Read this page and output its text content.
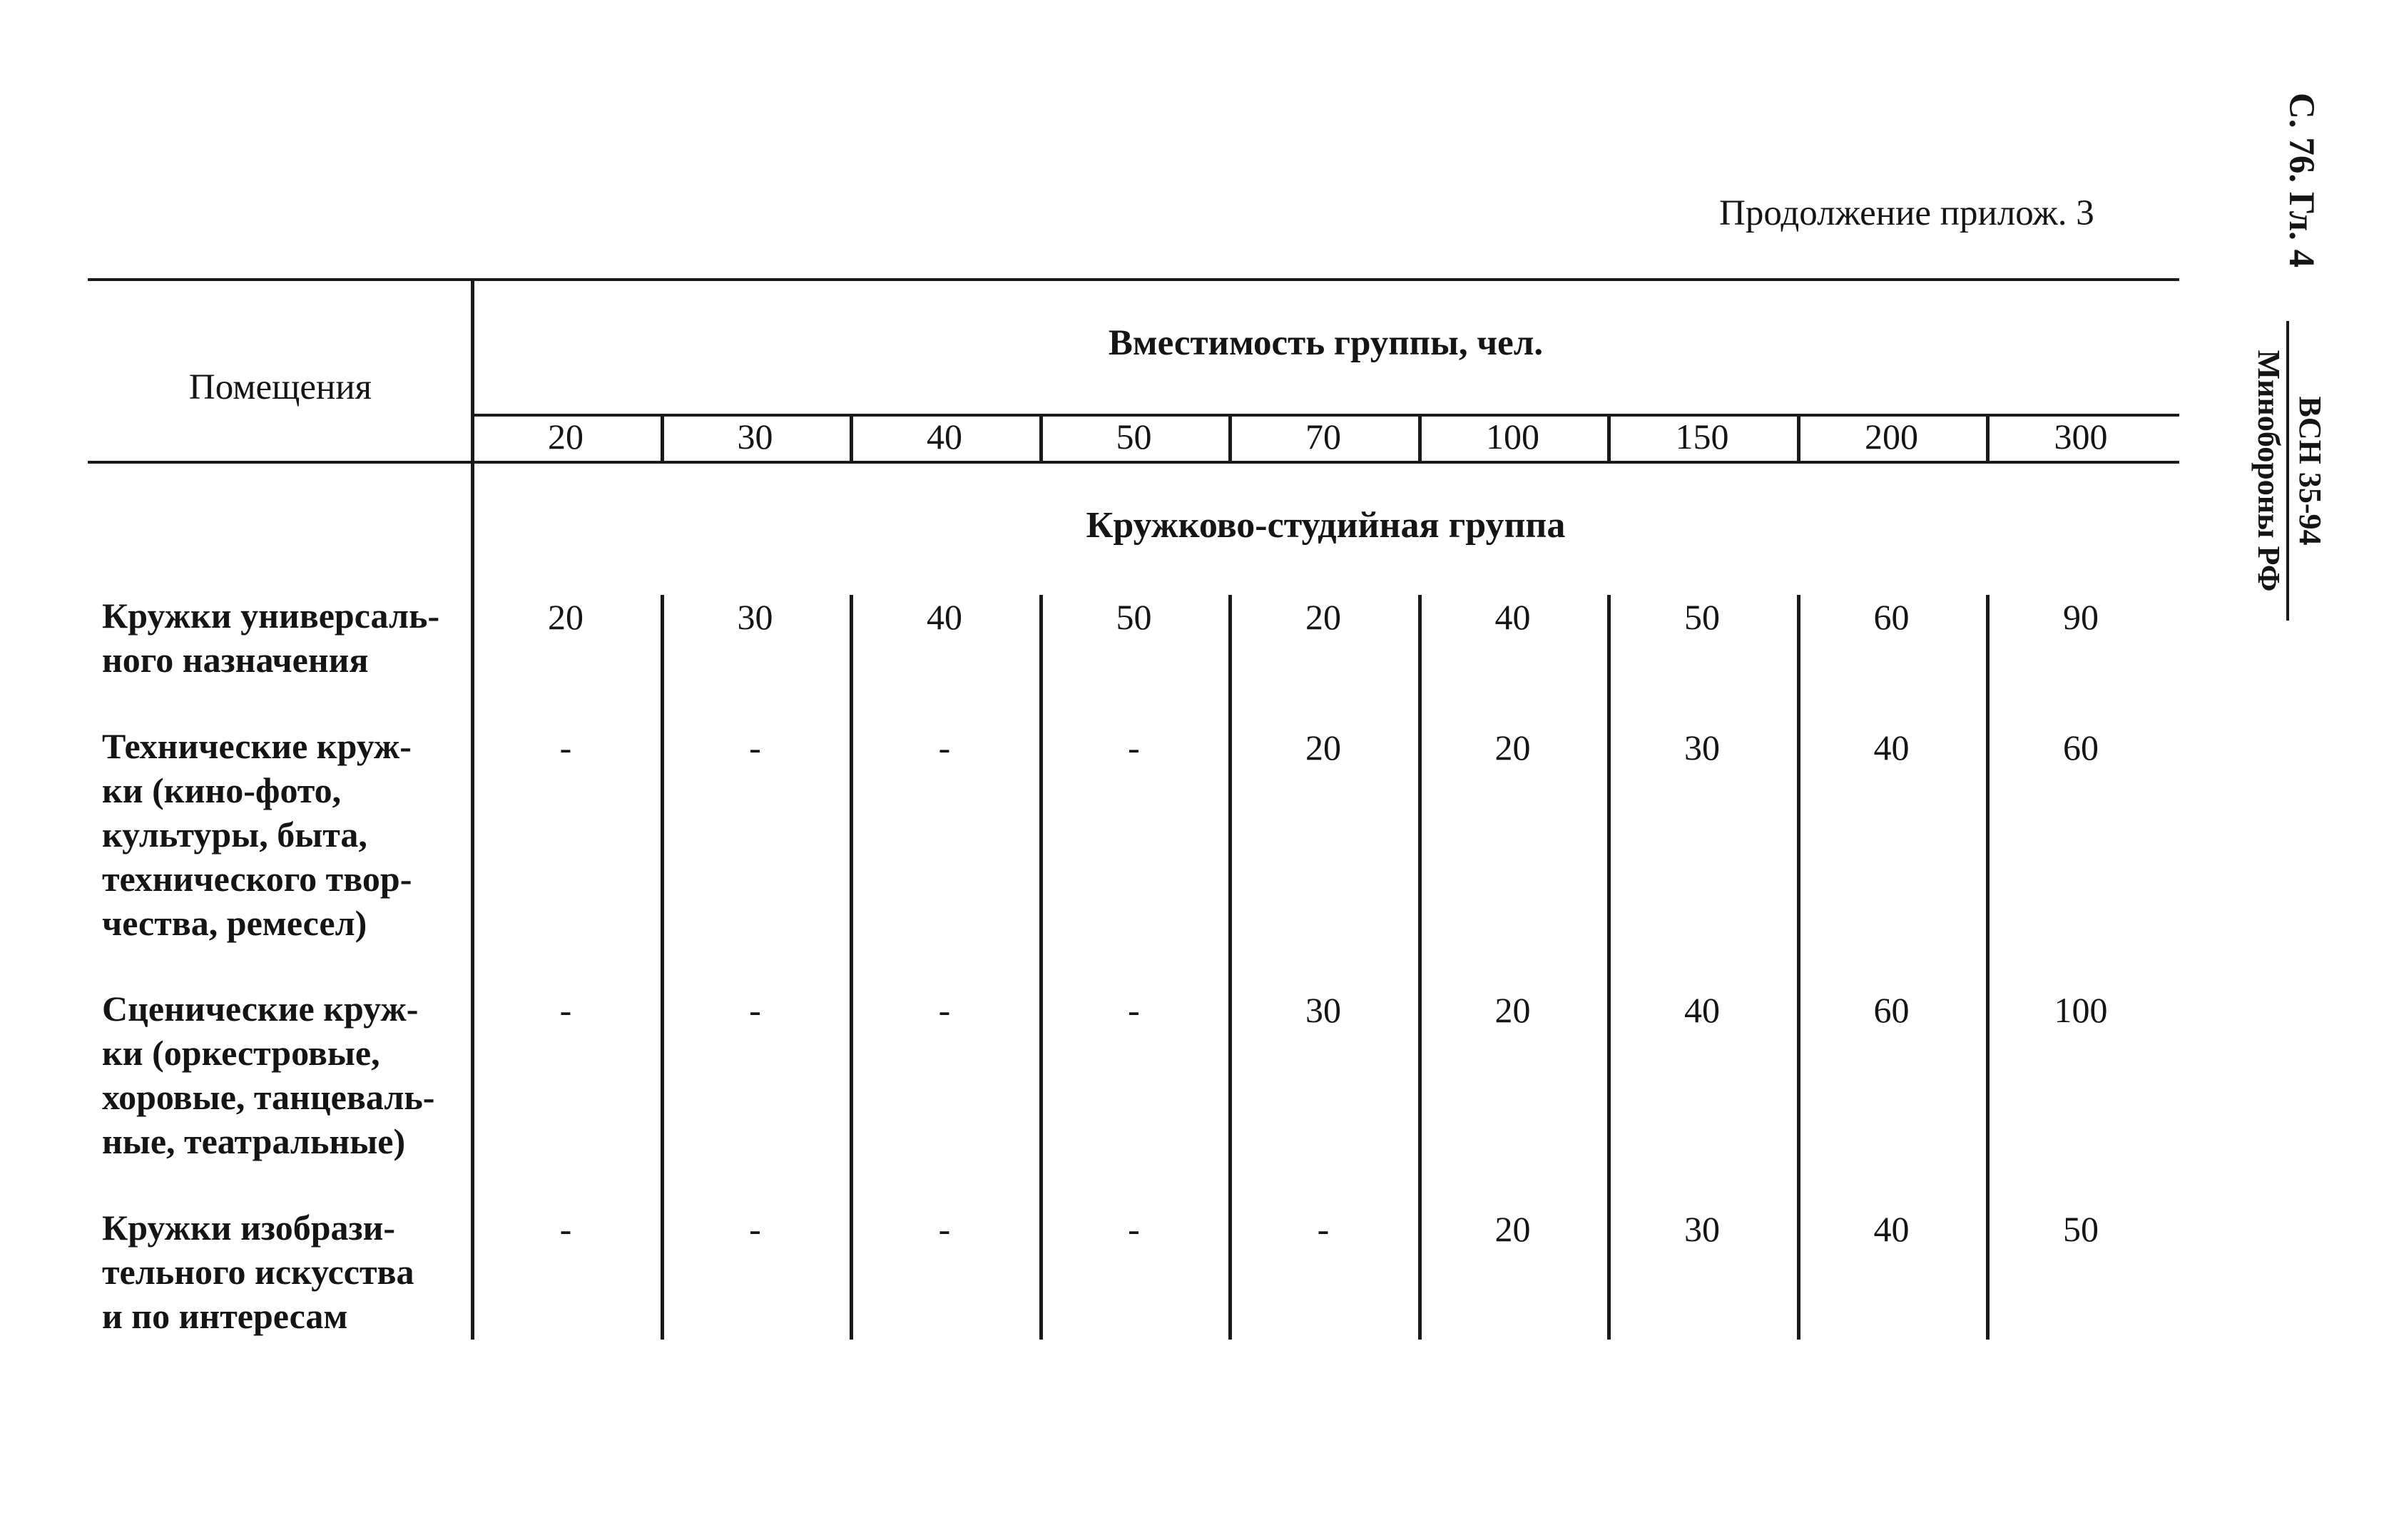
Продолжение прилож. 3	С. 76. Гл. 4
ВСН 35-94
Минобороны РФ
Помещения
Вместимость группы, чел.
20	30	40	50	70	100	150	200	300
Кружково-студийная группа
Кружки универсаль-
ного назначения
20	30	40	50	20	40	50	60	90
Технические круж-
ки (кино-фото,
культуры, быта,
технического твор-
чества, ремесел)
-	-	-	-	20	20	30	40	60
Сценические круж-
ки (оркестровые,
хоровые, танцеваль-
ные, театральные)
-	-	-	-	30	20	40	60	100
Кружки изобрази-
тельного искусства
и по интересам
-	-	-	-	-	20	30	40	50
